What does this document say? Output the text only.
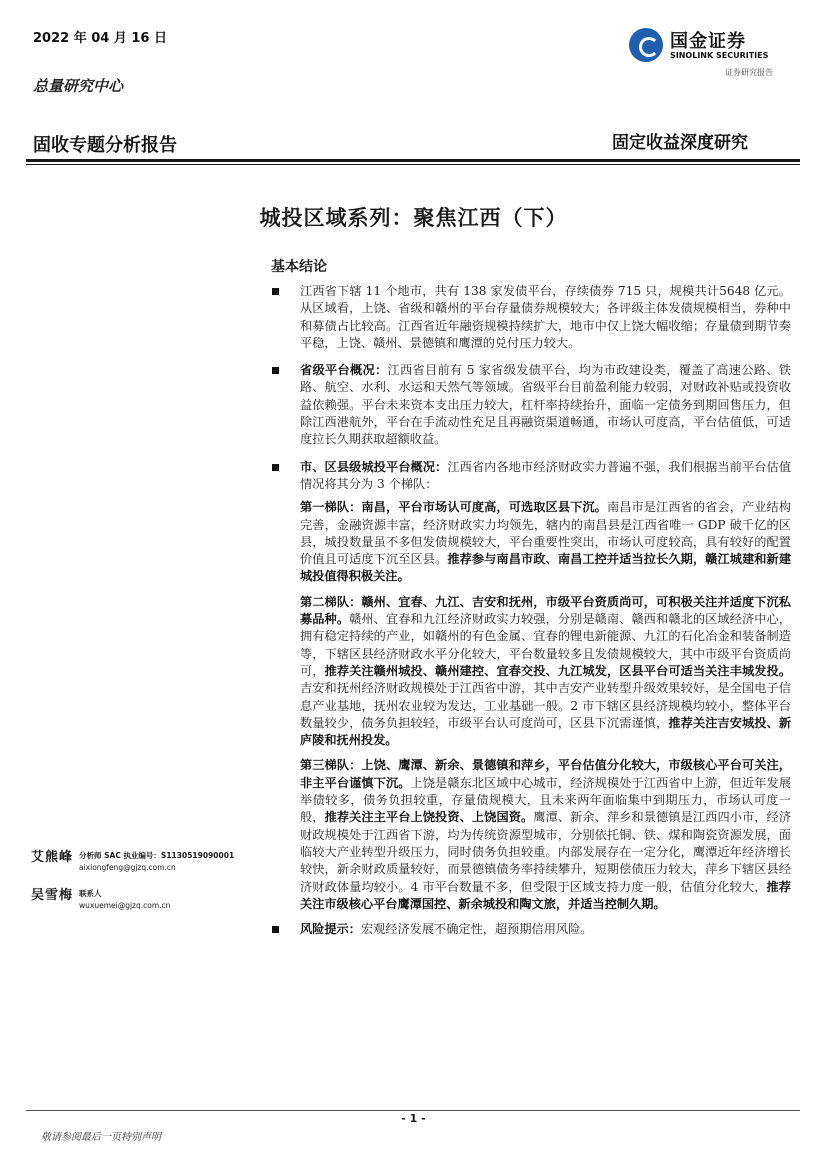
2022 年 04 月 16 日
总量研究中心
国金证券
SINOLINK SECURITIES
证券研究报告
固收专题分析报告	固定收益深度研究
城投区域系列：聚焦江西（下）
基本结论
江西省下辖 11 个地市，共有 138 家发债平台，存续债券 715 只，规模共计5648 亿元。从区域看，上饶、省级和赣州的平台存量债券规模较大；各评级主体发债规模相当，券种中和募债占比较高。江西省近年融资规模持续扩大，地市中仅上饶大幅收缩；存量债到期节奏平稳，上饶、赣州、景德镇和鹰潭的兑付压力较大。
省级平台概况：江西省目前有 5 家省级发债平台，均为市政建设类，覆盖了高速公路、铁路、航空、水利、水运和天然气等领域。省级平台目前盈利能力较弱，对财政补贴或投资收益依赖强。平台未来资本支出压力较大，杠杆率持续抬升，面临一定债务到期回售压力，但除江西港航外，平台在手流动性充足且再融资渠道畅通，市场认可度高，平台估值低，可适度拉长久期获取超额收益。
市、区县级城投平台概况：江西省内各地市经济财政实力普遍不强，我们根据当前平台估值情况将其分为 3 个梯队：
第一梯队：南昌，平台市场认可度高，可选取区县下沉。南昌市是江西省的省会，产业结构完善，金融资源丰富，经济财政实力均领先，辖内的南昌县是江西省唯一 GDP 破千亿的区县，城投数量虽不多但发债规模较大，平台重要性突出，市场认可度较高，具有较好的配置价值且可适度下沉至区县。推荐参与南昌市政、南昌工控并适当拉长久期，赣江城建和新建城投值得积极关注。
第二梯队：赣州、宜春、九江、吉安和抚州，市级平台资质尚可，可积极关注并适度下沉私募品种。赣州、宜春和九江经济财政实力较强，分别是赣南、赣西和赣北的区域经济中心，拥有稳定持续的产业，如赣州的有色金属、宜春的锂电新能源、九江的石化冶金和装备制造等，下辖区县经济财政水平分化较大，平台数量较多且发债规模较大，其中市级平台资质尚可，推荐关注赣州城投、赣州建控、宜春交投、九江城发，区县平台可适当关注丰城发投。吉安和抚州经济财政规模处于江西省中游，其中吉安产业转型升级效果较好，是全国电子信息产业基地，抚州农业较为发达，工业基础一般。2 市下辖区县经济规模均较小，整体平台数量较少，债务负担较轻，市级平台认可度尚可，区县下沉需谨慎，推荐关注吉安城投、新庐陵和抚州投发。
第三梯队：上饶、鹰潭、新余、景德镇和萍乡，平台估值分化较大，市级核心平台可关注，非主平台谨慎下沉。上饶是赣东北区域中心城市，经济规模处于江西省中上游，但近年发展举债较多，债务负担较重，存量债规模大，且未来两年面临集中到期压力，市场认可度一般，推荐关注主平台上饶投资、上饶国资。鹰潭、新余、萍乡和景德镇是江西四小市，经济财政规模处于江西省下游，均为传统资源型城市，分别依托铜、铁、煤和陶瓷资源发展，面临较大产业转型升级压力，同时债务负担较重。内部发展存在一定分化，鹰潭近年经济增长较快，新余财政质量较好，而景德镇债务率持续攀升，短期偿债压力较大，萍乡下辖区县经济财政体量均较小。4 市平台数量不多，但受限于区域支持力度一般，估值分化较大，推荐关注市级核心平台鹰潭国控、新余城投和陶文旅，并适当控制久期。
风险提示：宏观经济发展不确定性，超预期信用风险。
艾熊峰 分析师 SAC 执业编号：S1130519090001
aixiongfeng@gjzq.com.cn
吴雪梅 联系人
wuxuemei@gjzq.com.cn
- 1 -
敬请参阅最后一页特别声明
